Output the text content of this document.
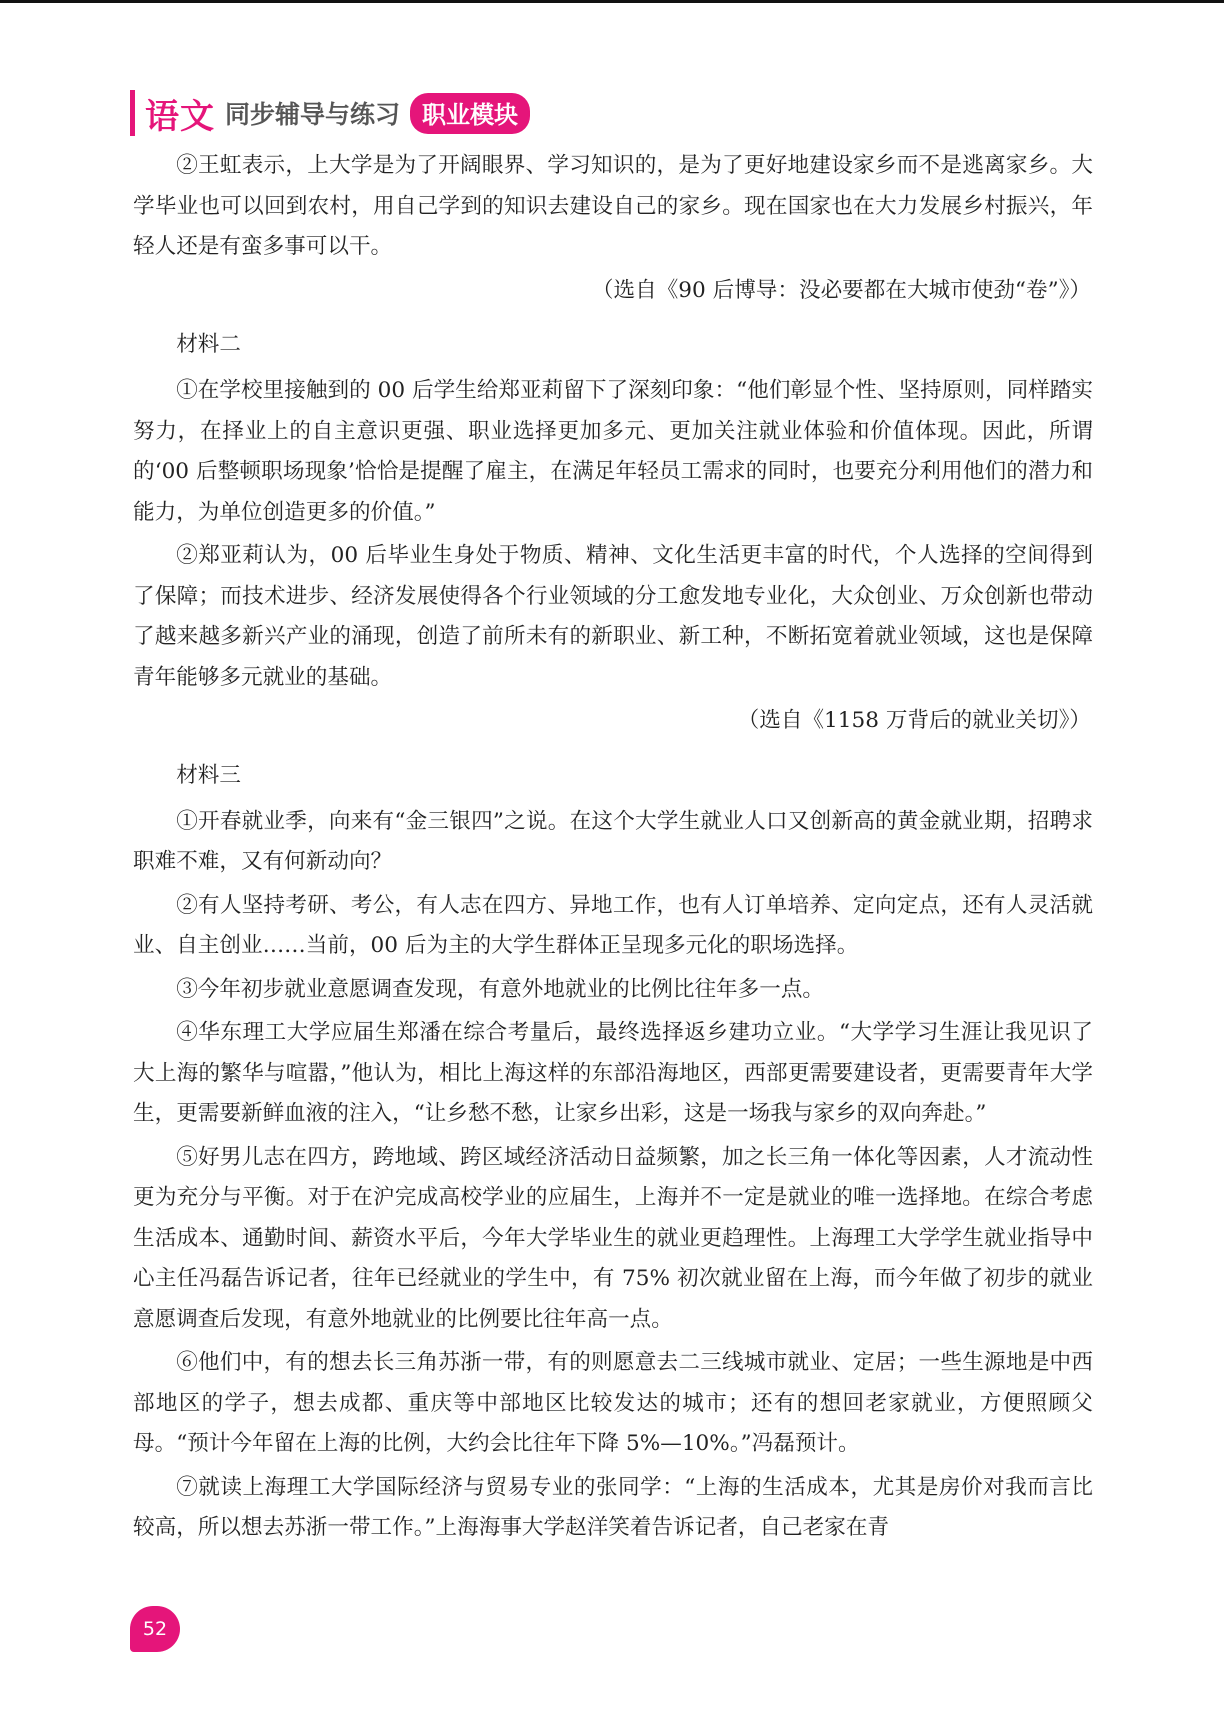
语文 同步辅导与练习 职业模块

②王虹表示，上大学是为了开阔眼界、学习知识的，是为了更好地建设家乡而不是逃离家乡。大学毕业也可以回到农村，用自己学到的知识去建设自己的家乡。现在国家也在大力发展乡村振兴，年轻人还是有蛮多事可以干。

（选自《90 后博导：没必要都在大城市使劲“卷”》）

材料二

①在学校里接触到的 00 后学生给郑亚莉留下了深刻印象：“他们彰显个性、坚持原则，同样踏实努力，在择业上的自主意识更强、职业选择更加多元、更加关注就业体验和价值体现。因此，所谓的‘00 后整顿职场现象’恰恰是提醒了雇主，在满足年轻员工需求的同时，也要充分利用他们的潜力和能力，为单位创造更多的价值。”

②郑亚莉认为，00 后毕业生身处于物质、精神、文化生活更丰富的时代，个人选择的空间得到了保障；而技术进步、经济发展使得各个行业领域的分工愈发地专业化，大众创业、万众创新也带动了越来越多新兴产业的涌现，创造了前所未有的新职业、新工种，不断拓宽着就业领域，这也是保障青年能够多元就业的基础。

（选自《1158 万背后的就业关切》）

材料三

①开春就业季，向来有“金三银四”之说。在这个大学生就业人口又创新高的黄金就业期，招聘求职难不难，又有何新动向？

②有人坚持考研、考公，有人志在四方、异地工作，也有人订单培养、定向定点，还有人灵活就业、自主创业……当前，00 后为主的大学生群体正呈现多元化的职场选择。

③今年初步就业意愿调查发现，有意外地就业的比例比往年多一点。

④华东理工大学应届生郑潘在综合考量后，最终选择返乡建功立业。“大学学习生涯让我见识了大上海的繁华与喧嚣，”他认为，相比上海这样的东部沿海地区，西部更需要建设者，更需要青年大学生，更需要新鲜血液的注入，“让乡愁不愁，让家乡出彩，这是一场我与家乡的双向奔赴。”

⑤好男儿志在四方，跨地域、跨区域经济活动日益频繁，加之长三角一体化等因素，人才流动性更为充分与平衡。对于在沪完成高校学业的应届生，上海并不一定是就业的唯一选择地。在综合考虑生活成本、通勤时间、薪资水平后，今年大学毕业生的就业更趋理性。上海理工大学学生就业指导中心主任冯磊告诉记者，往年已经就业的学生中，有 75% 初次就业留在上海，而今年做了初步的就业意愿调查后发现，有意外地就业的比例要比往年高一点。

⑥他们中，有的想去长三角苏浙一带，有的则愿意去二三线城市就业、定居；一些生源地是中西部地区的学子，想去成都、重庆等中部地区比较发达的城市；还有的想回老家就业，方便照顾父母。“预计今年留在上海的比例，大约会比往年下降 5%—10%。”冯磊预计。

⑦就读上海理工大学国际经济与贸易专业的张同学：“上海的生活成本，尤其是房价对我而言比较高，所以想去苏浙一带工作。”上海海事大学赵洋笑着告诉记者，自己老家在青

52
